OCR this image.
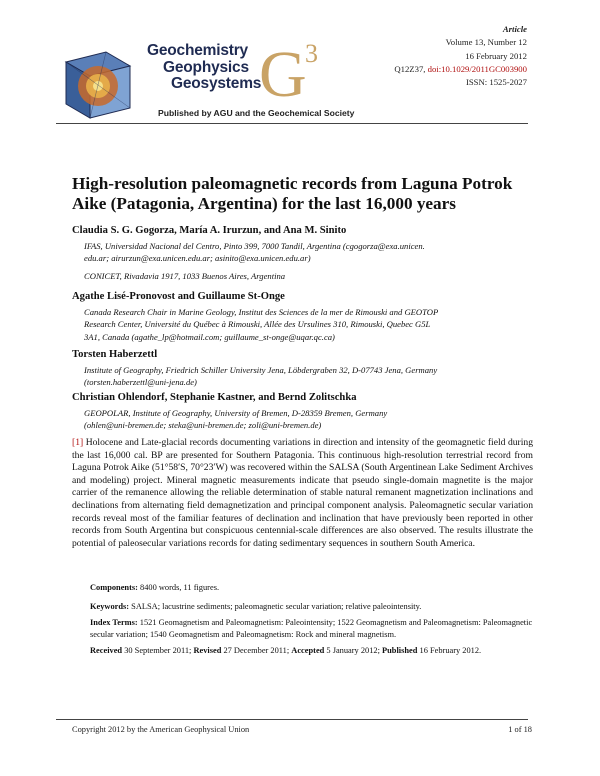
Geochemistry
Geophysics
Geosystems
G
3
Published by AGU and the Geochemical Society
Article
Volume 13, Number 12
16 February 2012
Q12Z37, doi:10.1029/2011GC003900
ISSN: 1525-2027
High-resolution paleomagnetic records from Laguna Potrok
Aike (Patagonia, Argentina) for the last 16,000 years
Claudia S. G. Gogorza, María A. Irurzun, and Ana M. Sinito
IFAS, Universidad Nacional del Centro, Pinto 399, 7000 Tandil, Argentina (cgogorza@exa.unicen.
edu.ar; airurzun@exa.unicen.edu.ar; asinito@exa.unicen.edu.ar)
CONICET, Rivadavia 1917, 1033 Buenos Aires, Argentina
Agathe Lisé-Pronovost and Guillaume St-Onge
Canada Research Chair in Marine Geology, Institut des Sciences de la mer de Rimouski and GEOTOP
Research Center, Université du Québec à Rimouski, Allée des Ursulines 310, Rimouski, Quebec G5L
3A1, Canada (agathe_lp@hotmail.com; guillaume_st-onge@uqar.qc.ca)
Torsten Haberzettl
Institute of Geography, Friedrich Schiller University Jena, Löbdergraben 32, D-07743 Jena, Germany
(torsten.haberzettl@uni-jena.de)
Christian Ohlendorf, Stephanie Kastner, and Bernd Zolitschka
GEOPOLAR, Institute of Geography, University of Bremen, D-28359 Bremen, Germany
(ohlen@uni-bremen.de; steka@uni-bremen.de; zoli@uni-bremen.de)
[1] Holocene and Late-glacial records documenting variations in direction and intensity of the geomagnetic field during the last 16,000 cal. BP are presented for Southern Patagonia. This continuous high-resolution terrestrial record from Laguna Potrok Aike (51°58′S, 70°23′W) was recovered within the SALSA (South Argentinean Lake Sediment Archives and modeling) project. Mineral magnetic measurements indicate that pseudo single-domain magnetite is the major carrier of the remanence allowing the reliable determination of stable natural remanent magnetization inclinations and declinations from alternating field demagnetization and principal component analysis. Paleomagnetic secular variation records reveal most of the familiar features of declination and inclination that have previously been reported in other records from South Argentina but conspicuous centennial-scale differences are also observed. The results illustrate the potential of paleosecular variations records for dating sedimentary sequences in southern South America.
Components: 8400 words, 11 figures.
Keywords: SALSA; lacustrine sediments; paleomagnetic secular variation; relative paleointensity.
Index Terms: 1521 Geomagnetism and Paleomagnetism: Paleointensity; 1522 Geomagnetism and Paleomagnetism: Paleomagnetic secular variation; 1540 Geomagnetism and Paleomagnetism: Rock and mineral magnetism.
Received 30 September 2011; Revised 27 December 2011; Accepted 5 January 2012; Published 16 February 2012.
Copyright 2012 by the American Geophysical Union	1 of 18
